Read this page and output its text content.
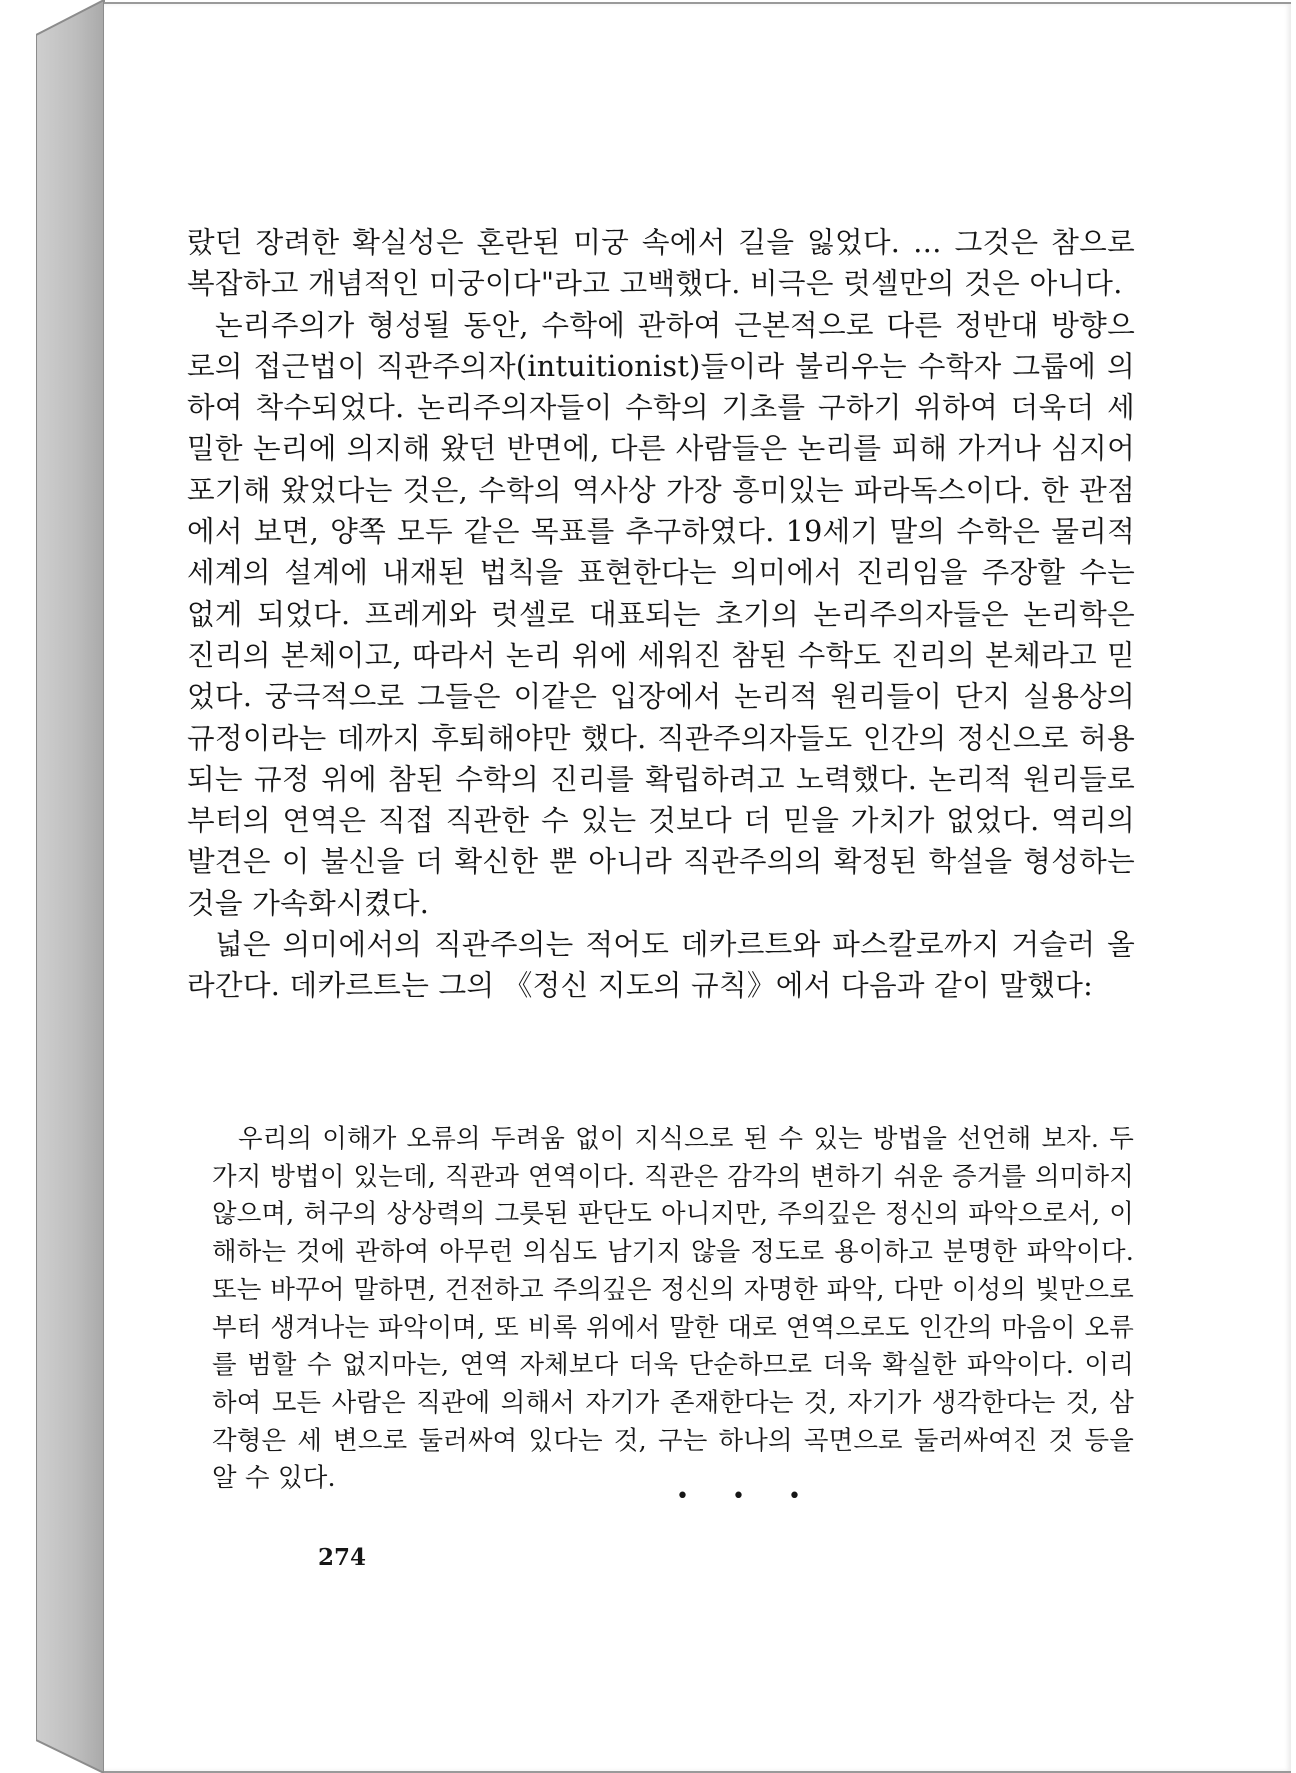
랐던 장려한 확실성은 혼란된 미궁 속에서 길을 잃었다. … 그것은 참으로 복잡하고 개념적인 미궁이다"라고 고백했다. 비극은 럿셀만의 것은 아니다.

논리주의가 형성될 동안, 수학에 관하여 근본적으로 다른 정반대 방향으로의 접근법이 직관주의자(intuitionist)들이라 불리우는 수학자 그룹에 의하여 착수되었다. 논리주의자들이 수학의 기초를 구하기 위하여 더욱더 세밀한 논리에 의지해 왔던 반면에, 다른 사람들은 논리를 피해 가거나 심지어 포기해 왔었다는 것은, 수학의 역사상 가장 흥미있는 파라독스이다. 한 관점에서 보면, 양쪽 모두 같은 목표를 추구하였다. 19세기 말의 수학은 물리적 세계의 설계에 내재된 법칙을 표현한다는 의미에서 진리임을 주장할 수는 없게 되었다. 프레게와 럿셀로 대표되는 초기의 논리주의자들은 논리학은 진리의 본체이고, 따라서 논리 위에 세워진 참된 수학도 진리의 본체라고 믿었다. 궁극적으로 그들은 이같은 입장에서 논리적 원리들이 단지 실용상의 규정이라는 데까지 후퇴해야만 했다. 직관주의자들도 인간의 정신으로 허용되는 규정 위에 참된 수학의 진리를 확립하려고 노력했다. 논리적 원리들로부터의 연역은 직접 직관한 수 있는 것보다 더 믿을 가치가 없었다. 역리의 발견은 이 불신을 더 확신한 뿐 아니라 직관주의의 확정된 학설을 형성하는 것을 가속화시켰다.

넓은 의미에서의 직관주의는 적어도 데카르트와 파스칼로까지 거슬러 올라간다. 데카르트는 그의 《정신 지도의 규칙》에서 다음과 같이 말했다:

우리의 이해가 오류의 두려움 없이 지식으로 된 수 있는 방법을 선언해 보자. 두 가지 방법이 있는데, 직관과 연역이다. 직관은 감각의 변하기 쉬운 증거를 의미하지 않으며, 허구의 상상력의 그릇된 판단도 아니지만, 주의깊은 정신의 파악으로서, 이해하는 것에 관하여 아무런 의심도 남기지 않을 정도로 용이하고 분명한 파악이다. 또는 바꾸어 말하면, 건전하고 주의깊은 정신의 자명한 파악, 다만 이성의 빛만으로부터 생겨나는 파악이며, 또 비록 위에서 말한 대로 연역으로도 인간의 마음이 오류를 범할 수 없지마는, 연역 자체보다 더욱 단순하므로 더욱 확실한 파악이다. 이리하여 모든 사람은 직관에 의해서 자기가 존재한다는 것, 자기가 생각한다는 것, 삼각형은 세 변으로 둘러싸여 있다는 것, 구는 하나의 곡면으로 둘러싸여진 것 등을 알 수 있다.

• • •
274
